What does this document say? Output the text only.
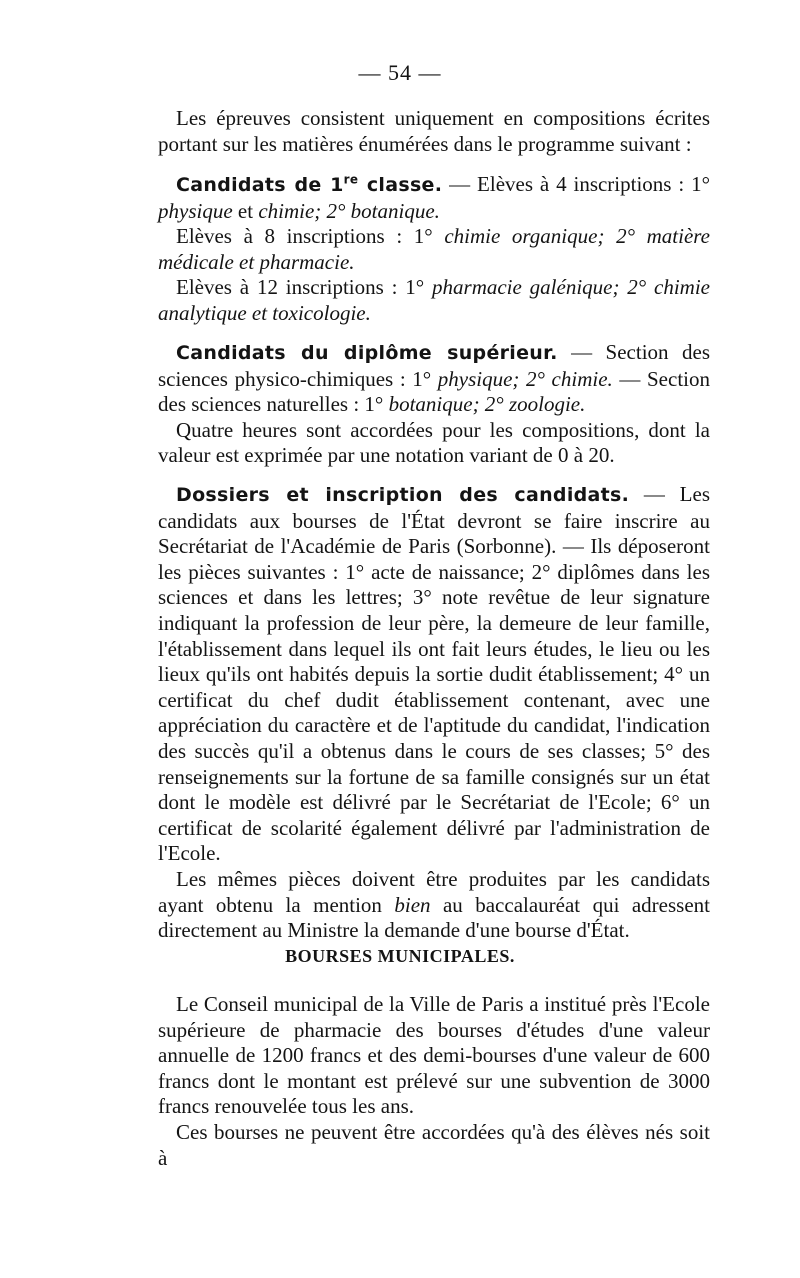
— 54 —

Les épreuves consistent uniquement en compositions écrites portant sur les matières énumérées dans le programme suivant :

Candidats de 1re classe. — Elèves à 4 inscriptions : 1° physique et chimie; 2° botanique.

Elèves à 8 inscriptions : 1° chimie organique; 2° matière médicale et pharmacie.

Elèves à 12 inscriptions : 1° pharmacie galénique; 2° chimie analytique et toxicologie.

Candidats du diplôme supérieur. — Section des sciences physico-chimiques : 1° physique; 2° chimie. — Section des sciences naturelles : 1° botanique; 2° zoologie.

Quatre heures sont accordées pour les compositions, dont la valeur est exprimée par une notation variant de 0 à 20.

Dossiers et inscription des candidats. — Les candidats aux bourses de l'État devront se faire inscrire au Secrétariat de l'Académie de Paris (Sorbonne). — Ils déposeront les pièces suivantes : 1° acte de naissance; 2° diplômes dans les sciences et dans les lettres; 3° note revêtue de leur signature indiquant la profession de leur père, la demeure de leur famille, l'établissement dans lequel ils ont fait leurs études, le lieu ou les lieux qu'ils ont habités depuis la sortie dudit établissement; 4° un certificat du chef dudit établissement contenant, avec une appréciation du caractère et de l'aptitude du candidat, l'indication des succès qu'il a obtenus dans le cours de ses classes; 5° des renseignements sur la fortune de sa famille consignés sur un état dont le modèle est délivré par le Secrétariat de l'Ecole; 6° un certificat de scolarité également délivré par l'administration de l'Ecole.

Les mêmes pièces doivent être produites par les candidats ayant obtenu la mention bien au baccalauréat qui adressent directement au Ministre la demande d'une bourse d'État.

BOURSES MUNICIPALES.

Le Conseil municipal de la Ville de Paris a institué près l'Ecole supérieure de pharmacie des bourses d'études d'une valeur annuelle de 1200 francs et des demi-bourses d'une valeur de 600 francs dont le montant est prélevé sur une subvention de 3000 francs renouvelée tous les ans.

Ces bourses ne peuvent être accordées qu'à des élèves nés soit à
